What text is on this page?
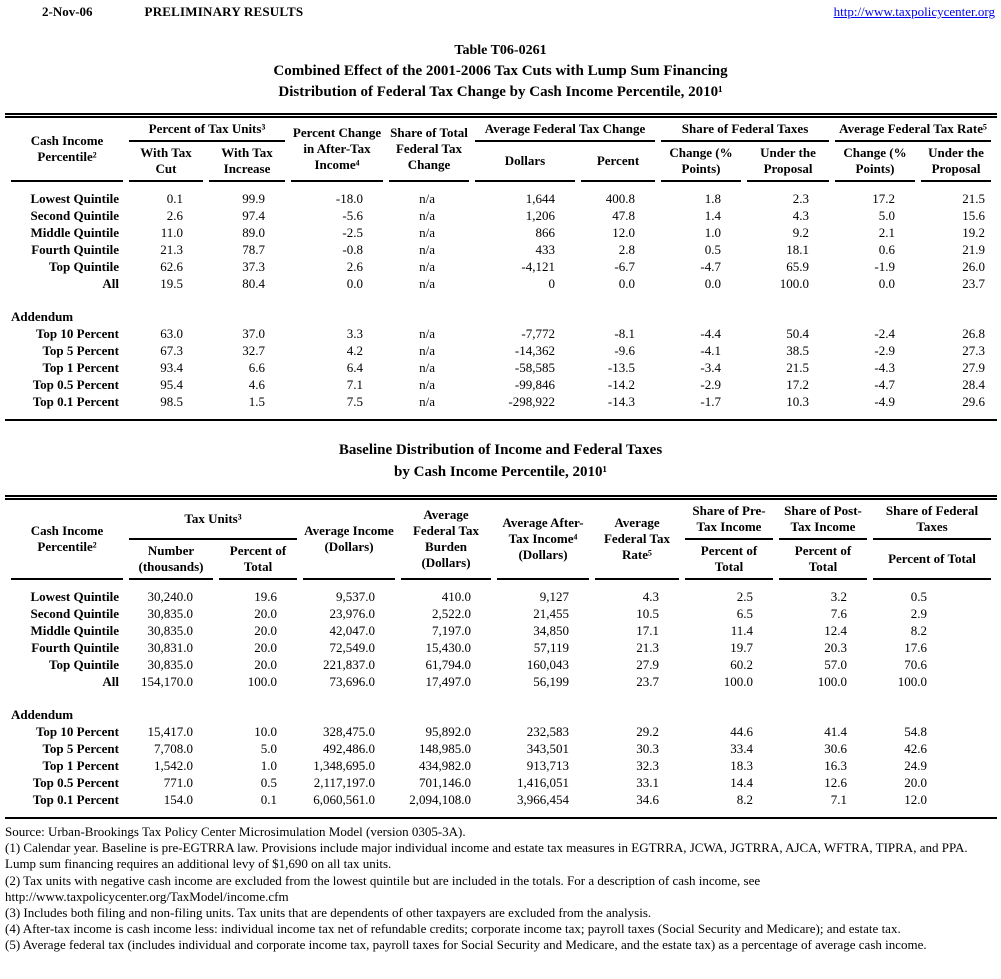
2-Nov-06	PRELIMINARY RESULTS	http://www.taxpolicycenter.org
Table T06-0261
Combined Effect of the 2001-2006 Tax Cuts with Lump Sum Financing
Distribution of Federal Tax Change by Cash Income Percentile, 2010¹
Cash Income Percentile²	Percent of Tax Units³		Percent Change in After-Tax Income⁴	Share of Total Federal Tax Change	Average Federal Tax Change		Share of Federal Taxes		Average Federal Tax Rate⁵	
	With Tax Cut	With Tax Increase			Dollars	Percent	Change (% Points)	Under the Proposal	Change (% Points)	Under the Proposal
Lowest Quintile	0.1	99.9	-18.0	n/a	1,644	400.8	1.8	2.3	17.2	21.5
Second Quintile	2.6	97.4	-5.6	n/a	1,206	47.8	1.4	4.3	5.0	15.6
Middle Quintile	11.0	89.0	-2.5	n/a	866	12.0	1.0	9.2	2.1	19.2
Fourth Quintile	21.3	78.7	-0.8	n/a	433	2.8	0.5	18.1	0.6	21.9
Top Quintile	62.6	37.3	2.6	n/a	-4,121	-6.7	-4.7	65.9	-1.9	26.0
All	19.5	80.4	0.0	n/a	0	0.0	0.0	100.0	0.0	23.7

Addendum										
Top 10 Percent	63.0	37.0	3.3	n/a	-7,772	-8.1	-4.4	50.4	-2.4	26.8
Top 5 Percent	67.3	32.7	4.2	n/a	-14,362	-9.6	-4.1	38.5	-2.9	27.3
Top 1 Percent	93.4	6.6	6.4	n/a	-58,585	-13.5	-3.4	21.5	-4.3	27.9
Top 0.5 Percent	95.4	4.6	7.1	n/a	-99,846	-14.2	-2.9	17.2	-4.7	28.4
Top 0.1 Percent	98.5	1.5	7.5	n/a	-298,922	-14.3	-1.7	10.3	-4.9	29.6
Baseline Distribution of Income and Federal Taxes
by Cash Income Percentile, 2010¹
Cash Income Percentile²	Tax Units³		Average Income (Dollars)	Average Federal Tax Burden (Dollars)	Average After-Tax Income⁴ (Dollars)	Average Federal Tax Rate⁵	Share of Pre-Tax Income	Share of Post-Tax Income	Share of Federal Taxes
	Number (thousands)	Percent of Total					Percent of Total	Percent of Total	Percent of Total
Lowest Quintile	30,240.0	19.6	9,537.0	410.0	9,127	4.3	2.5	3.2	0.5
Second Quintile	30,835.0	20.0	23,976.0	2,522.0	21,455	10.5	6.5	7.6	2.9
Middle Quintile	30,835.0	20.0	42,047.0	7,197.0	34,850	17.1	11.4	12.4	8.2
Fourth Quintile	30,831.0	20.0	72,549.0	15,430.0	57,119	21.3	19.7	20.3	17.6
Top Quintile	30,835.0	20.0	221,837.0	61,794.0	160,043	27.9	60.2	57.0	70.6
All	154,170.0	100.0	73,696.0	17,497.0	56,199	23.7	100.0	100.0	100.0

Addendum									
Top 10 Percent	15,417.0	10.0	328,475.0	95,892.0	232,583	29.2	44.6	41.4	54.8
Top 5 Percent	7,708.0	5.0	492,486.0	148,985.0	343,501	30.3	33.4	30.6	42.6
Top 1 Percent	1,542.0	1.0	1,348,695.0	434,982.0	913,713	32.3	18.3	16.3	24.9
Top 0.5 Percent	771.0	0.5	2,117,197.0	701,146.0	1,416,051	33.1	14.4	12.6	20.0
Top 0.1 Percent	154.0	0.1	6,060,561.0	2,094,108.0	3,966,454	34.6	8.2	7.1	12.0

Source: Urban-Brookings Tax Policy Center Microsimulation Model (version 0305-3A).

(1) Calendar year. Baseline is pre-EGTRRA law. Provisions include major individual income and estate tax measures in EGTRRA, JCWA, JGTRRA, AJCA, WFTRA, TIPRA, and PPA. Lump sum financing requires an additional levy of $1,690 on all tax units.

(2) Tax units with negative cash income are excluded from the lowest quintile but are included in the totals. For a description of cash income, see http://www.taxpolicycenter.org/TaxModel/income.cfm

(3) Includes both filing and non-filing units. Tax units that are dependents of other taxpayers are excluded from the analysis.

(4) After-tax income is cash income less: individual income tax net of refundable credits; corporate income tax; payroll taxes (Social Security and Medicare); and estate tax.

(5) Average federal tax (includes individual and corporate income tax, payroll taxes for Social Security and Medicare, and the estate tax) as a percentage of average cash income.
